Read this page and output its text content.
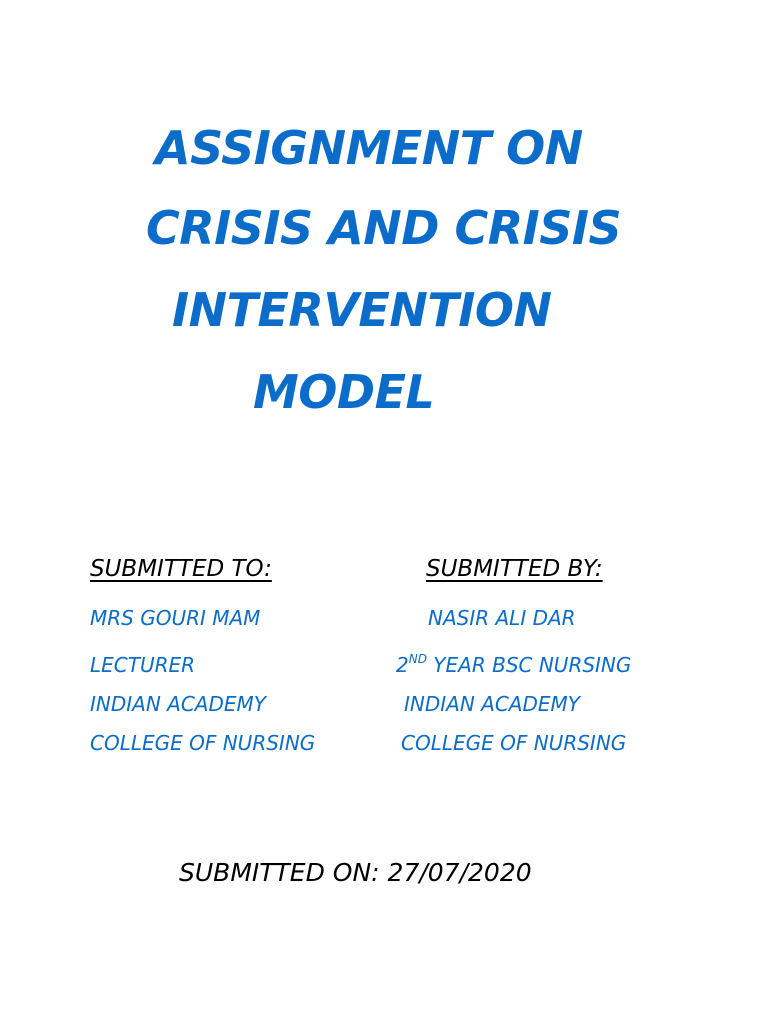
ASSIGNMENT ON
CRISIS AND CRISIS
INTERVENTION
MODEL
SUBMITTED TO:	SUBMITTED BY:
MRS GOURI MAM	NASIR ALI DAR
LECTURER	2ND YEAR BSC NURSING
INDIAN ACADEMY	INDIAN ACADEMY
COLLEGE OF NURSING	COLLEGE OF NURSING
SUBMITTED ON: 27/07/2020
